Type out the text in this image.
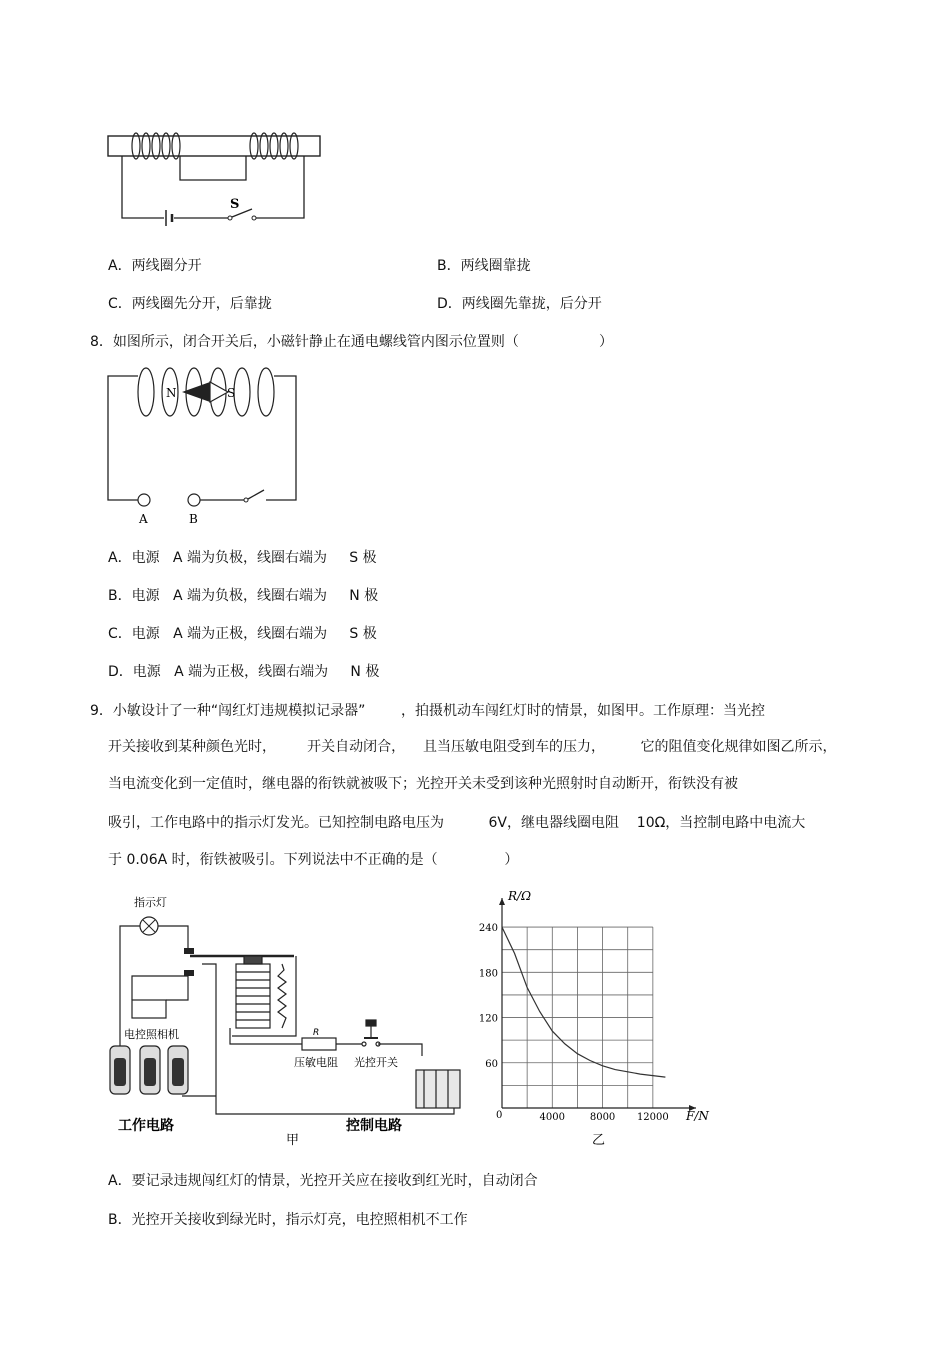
S
A．两线圈分开	B．两线圈靠拢
C．两线圈先分开，后靠拢	D．两线圈先靠拢，后分开
8．如图所示，闭合开关后，小磁针静止在通电螺线管内图示位置则（                  ）
N	S
A	B
A．电源   A 端为负极，线圈右端为     S 极
B．电源   A 端为负极，线圈右端为     N 极
C．电源   A 端为正极，线圈右端为     S 极
D．电源   A 端为正极，线圈右端为     N 极
9．小敏设计了一种“闯红灯违规模拟记录器”        ，拍摄机动车闯红灯时的情景，如图甲。工作原理：当光控
开关接收到某种颜色光时，       开关自动闭合，    且当压敏电阻受到车的压力，        它的阻值变化规律如图乙所示，
当电流变化到一定值时，继电器的衔铁就被吸下；光控开关未受到该种光照射时自动断开，衔铁没有被
吸引，工作电路中的指示灯发光。已知控制电路电压为          6V，继电器线圈电阻    10Ω，当控制电路中电流大
于 0.06A 时，衔铁被吸引。下列说法中不正确的是（               ）
指示灯
电控照相机	R
压敏电阻 光控开关
工作电路	控制电路
甲
4000 8000 12000
60
120
180
240
R/Ω
F/N
0
乙
A．要记录违规闯红灯的情景，光控开关应在接收到红光时，自动闭合
B．光控开关接收到绿光时，指示灯亮，电控照相机不工作
